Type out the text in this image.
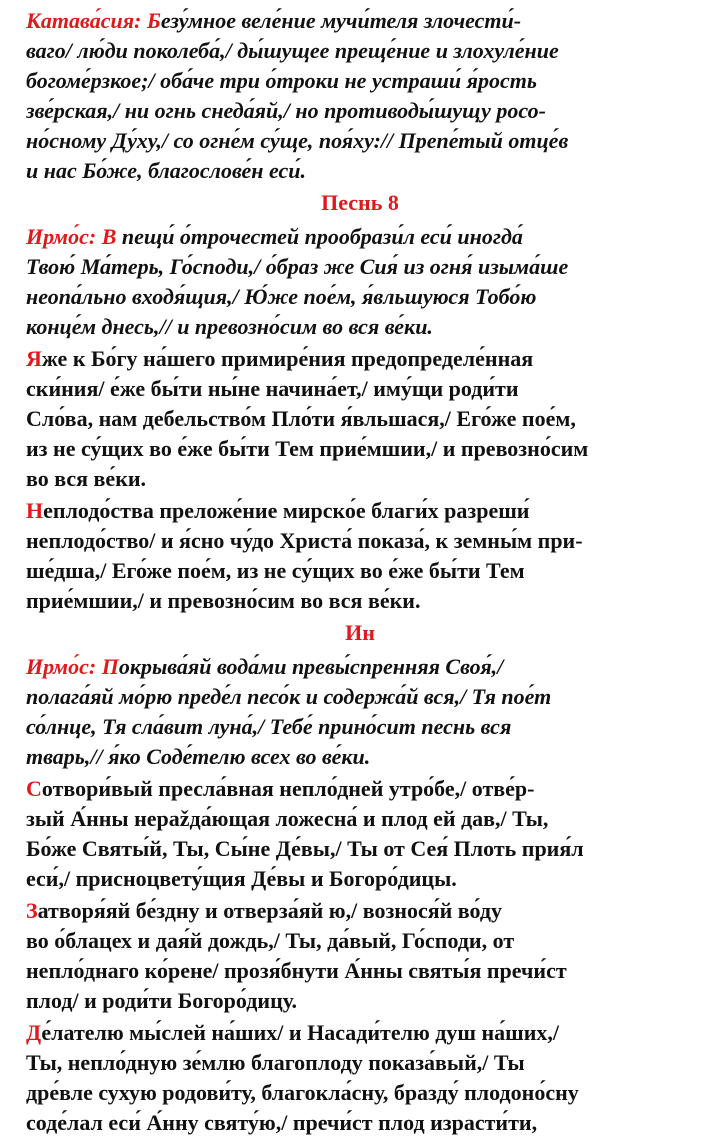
Катава́сия: Безу́мное веле́ние мучи́теля злочести́-
ваго/ лю́ди поколеба́,/ ды́шущее преще́ние и злохуле́ние
богоме́рзкое;/ оба́че три о́троки не устраши́ я́рость
зве́рская,/ ни огнь снеда́яй,/ но противоды́шущу росо-
но́сному Ду́ху,/ со огне́м су́ще, поя́ху:// Препе́тый отце́в
и нас Бо́же, благослове́н еси́.
Песнь 8
Ирмо́с: В пещи́ о́трочестей прообрази́л еси́ иногда́
Твою́ Ма́терь, Го́споди,/ о́браз же Сия́ из огня́ изыма́ше
неопа́льно входя́щия,/ Ю́же пое́м, я́вльшуюся Тобо́ю
конце́м днесь,// и превозно́сим во вся ве́ки.
Яже к Бо́гу на́шего примире́ния предопределе́нная
ски́ния/ е́же бы́ти ны́не начина́ет,/ иму́щи роди́ти
Сло́ва, нам дебельство́м Пло́ти я́вльшася,/ Его́же пое́м,
из не су́щих во е́же бы́ти Тем прие́мшии,/ и превозно́сим
во вся ве́ки.
Неплодо́ства преложе́ние мирско́е благи́х разреши́
неплодо́ство/ и я́сно чу́до Христа́ показа́, к земны́м при-
ше́дша,/ Его́же пое́м, из не су́щих во е́же бы́ти Тем
прие́мшии,/ и превозно́сим во вся ве́ки.
Ин
Ирмо́с: Покрыва́яй вода́ми превы́спренняя Своя́,/
полага́яй мо́рю преде́л песо́к и содержа́й вся,/ Тя пое́т
со́лнце, Тя сла́вит луна́,/ Тебе́ прино́сит песнь вся
тварь,// я́ко Соде́телю всех во ве́ки.
Сотвори́вый пресла́вная непло́дней утро́бе,/ отве́р-
зый А́нны нерažда́ющая ложесна́ и плод ей дав,/ Ты,
Бо́же Святы́й, Ты, Сы́не Де́вы,/ Ты от Сея́ Плоть прия́л
еси́,/ присноцвету́щия Де́вы и Богоро́дицы.
Затворя́яй бе́здну и отверза́яй ю,/ вознося́й во́ду
во о́блацех и дая́й дождь,/ Ты, да́вый, Го́споди, от
непло́днаго ко́рене/ прозя́бнути А́нны святы́я пречи́ст
плод/ и роди́ти Богоро́дицу.
Де́лателю мы́слей на́ших/ и Насади́телю душ на́ших,/
Ты, непло́дную зе́млю благоплоду показа́вый,/ Ты
дре́вле сухую родови́ту, благокла́сну, бразду́ плодоно́сну
соде́лал еси́ А́нну святу́ю,/ пречи́ст плод израсти́ти,
